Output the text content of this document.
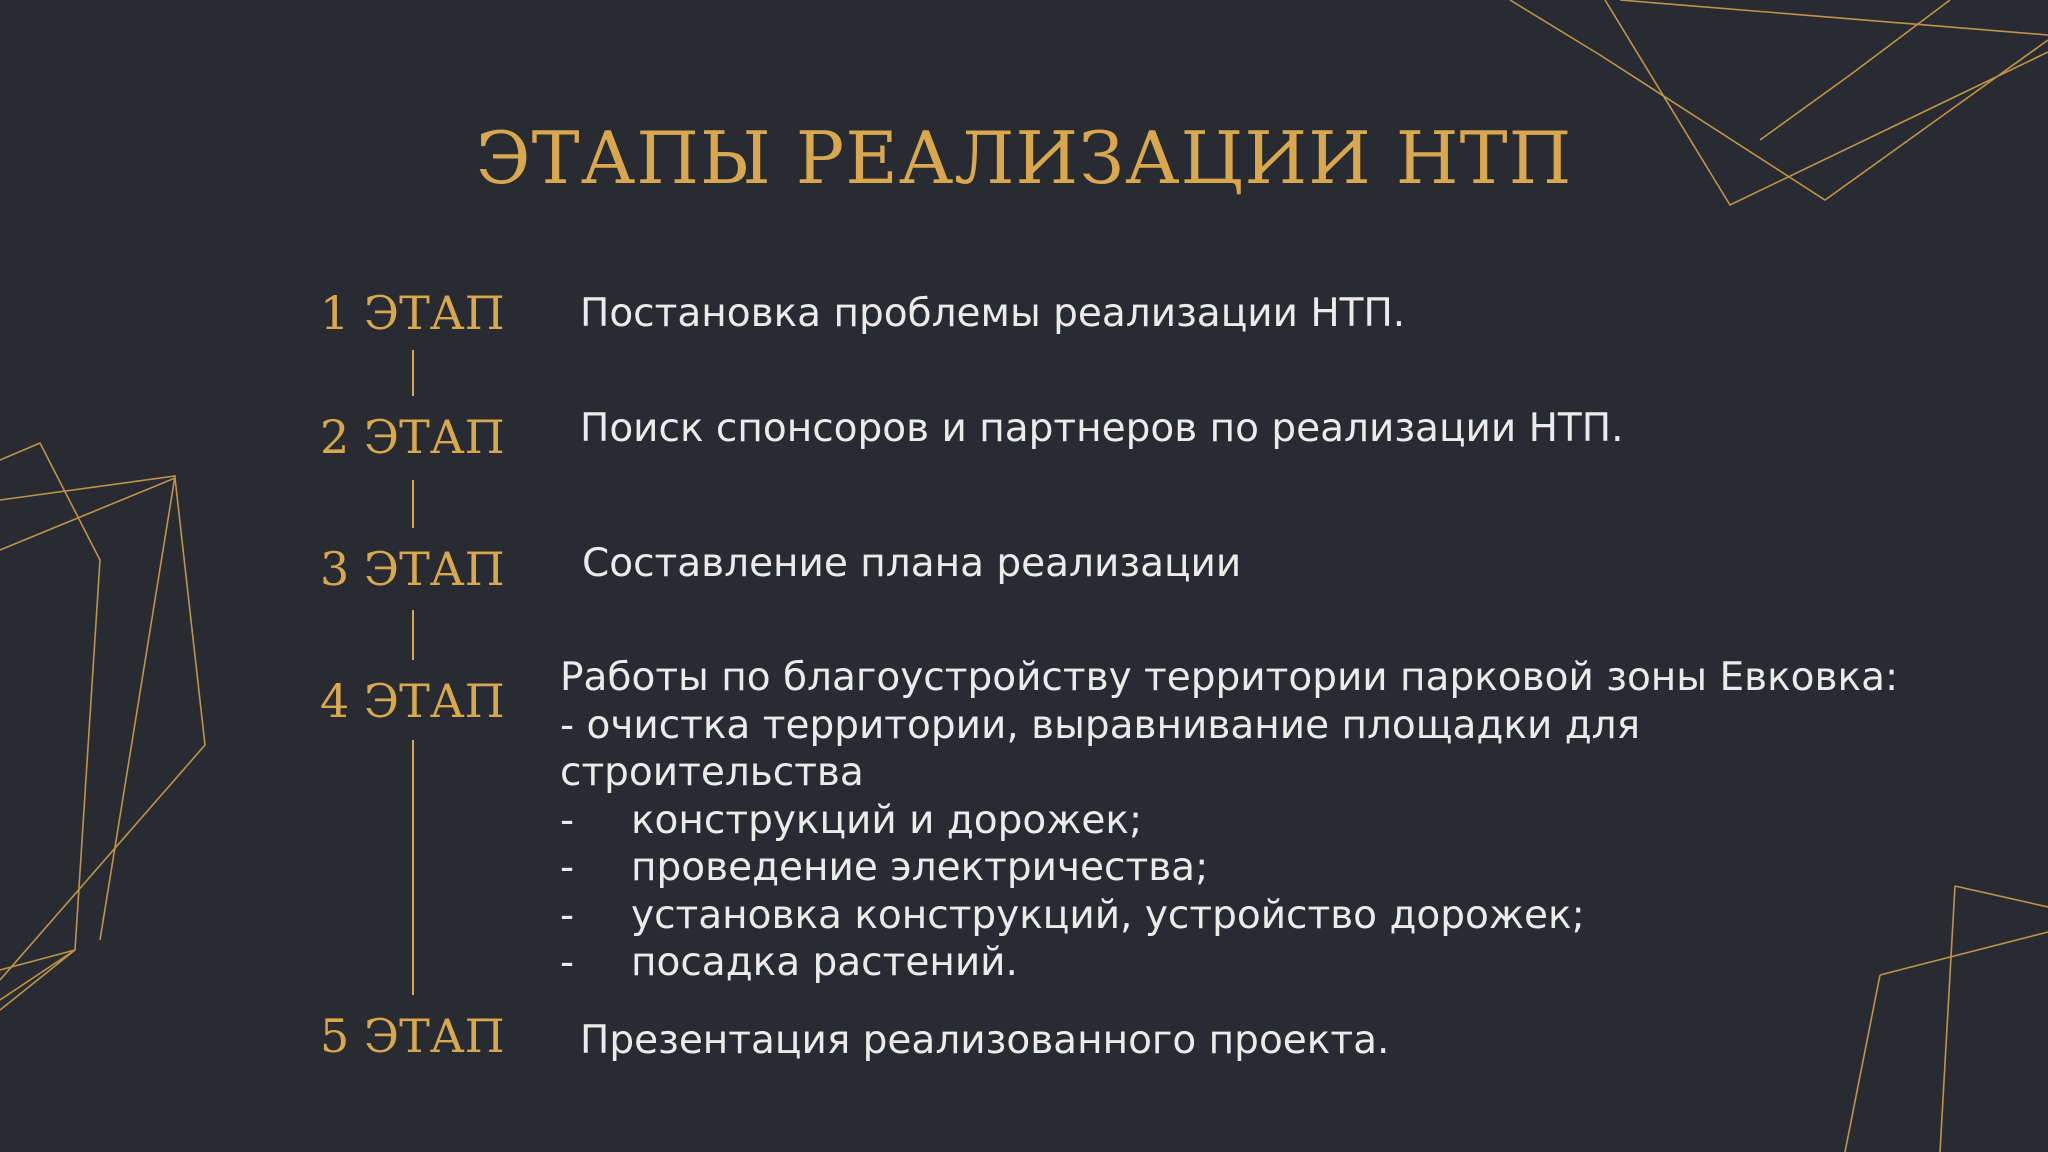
ЭТАПЫ РЕАЛИЗАЦИИ НТП
1 ЭТАП Постановка проблемы реализации НТП.
2 ЭТАП Поиск спонсоров и партнеров по реализации НТП.
3 ЭТАП Составление плана реализации
4 ЭТАП Работы по благоустройству территории парковой зоны Евковка:
- очистка территории, выравнивание площадки для
строительства
- конструкций и дорожек;
- проведение электричества;
- установка конструкций, устройство дорожек;
- посадка растений.
5 ЭТАП Презентация реализованного проекта.
